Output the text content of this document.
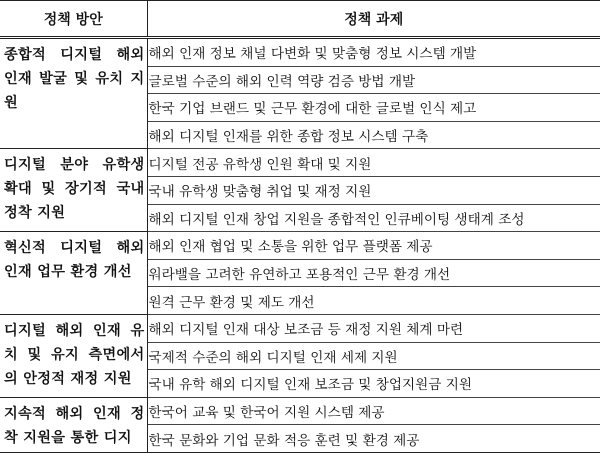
정책 방안	정책 과제

종합적 디지털 해외 인재 발굴 및 유치 지원	해외 인재 정보 채널 다변화 및 맞춤형 정보 시스템 개발
	글로벌 수준의 해외 인력 역량 검증 방법 개발
	한국 기업 브랜드 및 근무 환경에 대한 글로벌 인식 제고
	해외 디지털 인재를 위한 종합 정보 시스템 구축

디지털 분야 유학생 확대 및 장기적 국내 정착 지원	디지털 전공 유학생 인원 확대 및 지원
	국내 유학생 맞춤형 취업 및 재정 지원
	해외 디지털 인재 창업 지원을 종합적인 인큐베이팅 생태계 조성

혁신적 디지털 해외 인재 업무 환경 개선	해외 인재 협업 및 소통을 위한 업무 플랫폼 제공
	워라밸을 고려한 유연하고 포용적인 근무 환경 개선
	원격 근무 환경 및 제도 개선

디지털 해외 인재 유치 및 유지 측면에서의 안정적 재정 지원	해외 디지털 인재 대상 보조금 등 재정 지원 체계 마련
	국제적 수준의 해외 디지털 인재 세제 지원
	국내 유학 해외 디지털 인재 보조금 및 창업지원금 지원

지속적 해외 인재 정착 지원을 통한 디지	한국어 교육 및 한국어 지원 시스템 제공
	한국 문화와 기업 문화 적응 훈련 및 환경 제공
